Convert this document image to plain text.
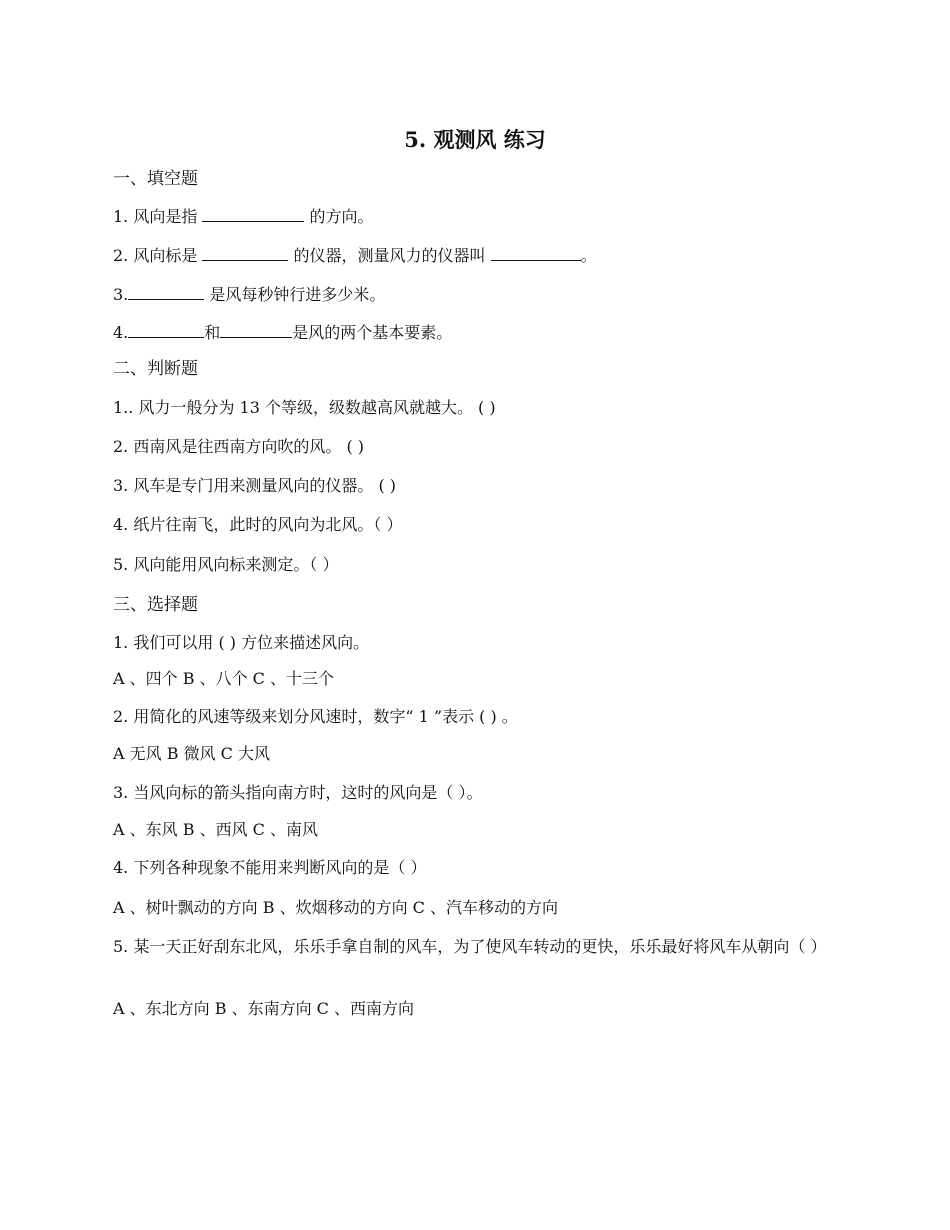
5. 观测风 练习
一、填空题
1. 风向是指	的方向。
2. 风向标是	的仪器，测量风力的仪器叫	。
3.	是风每秒钟行进多少米。
4.	和	是风的两个基本要素。
二、判断题
1.. 风力一般分为 13 个等级，级数越高风就越大。 ( )
2. 西南风是往西南方向吹的风。 ( )
3. 风车是专门用来测量风向的仪器。 ( )
4. 纸片往南飞，此时的风向为北风。（ ）
5. 风向能用风向标来测定。（ ）
三、选择题
1. 我们可以用 ( ) 方位来描述风向。
A 、四个 B 、八个 C 、十三个
2. 用简化的风速等级来划分风速时，数字“ 1 ”表示 ( ) 。
A 无风 B 微风 C 大风
3. 当风向标的箭头指向南方时，这时的风向是（ ）。
A 、东风 B 、西风 C 、南风
4. 下列各种现象不能用来判断风向的是（ ）
A 、树叶飘动的方向 B 、炊烟移动的方向 C 、汽车移动的方向
5. 某一天正好刮东北风，乐乐手拿自制的风车，为了使风车转动的更快，乐乐最好将风车从朝向（ ）
A 、东北方向 B 、东南方向 C 、西南方向
